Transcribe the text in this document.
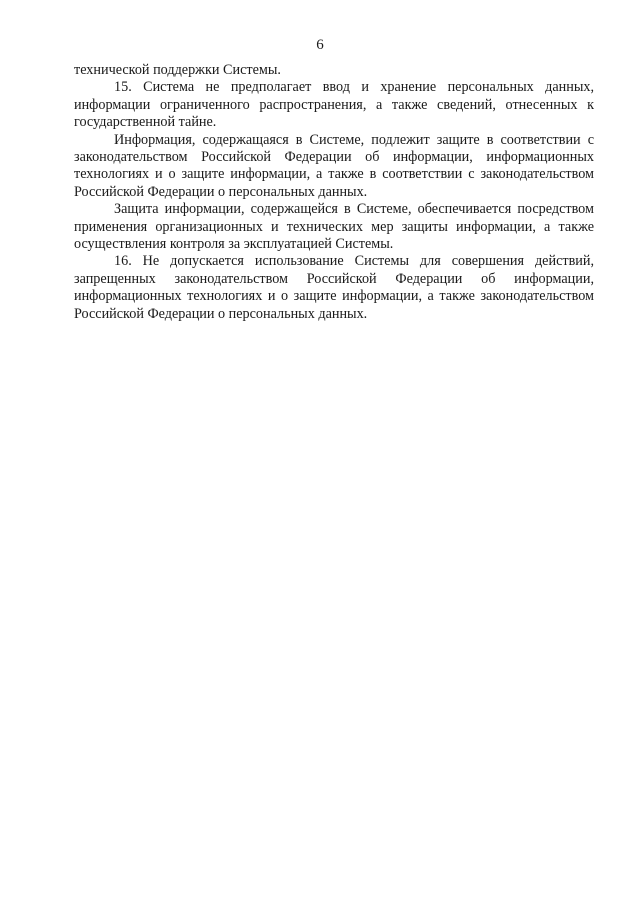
6

технической поддержки Системы.

15. Система не предполагает ввод и хранение персональных данных, информации ограниченного распространения, а также сведений, отнесенных к государственной тайне.

Информация, содержащаяся в Системе, подлежит защите в соответствии с законодательством Российской Федерации об информации, информационных технологиях и о защите информации, а также в соответствии с законодательством Российской Федерации о персональных данных.

Защита информации, содержащейся в Системе, обеспечивается посредством применения организационных и технических мер защиты информации, а также осуществления контроля за эксплуатацией Системы.

16. Не допускается использование Системы для совершения действий, запрещенных законодательством Российской Федерации об информации, информационных технологиях и о защите информации, а также законодательством Российской Федерации о персональных данных.
